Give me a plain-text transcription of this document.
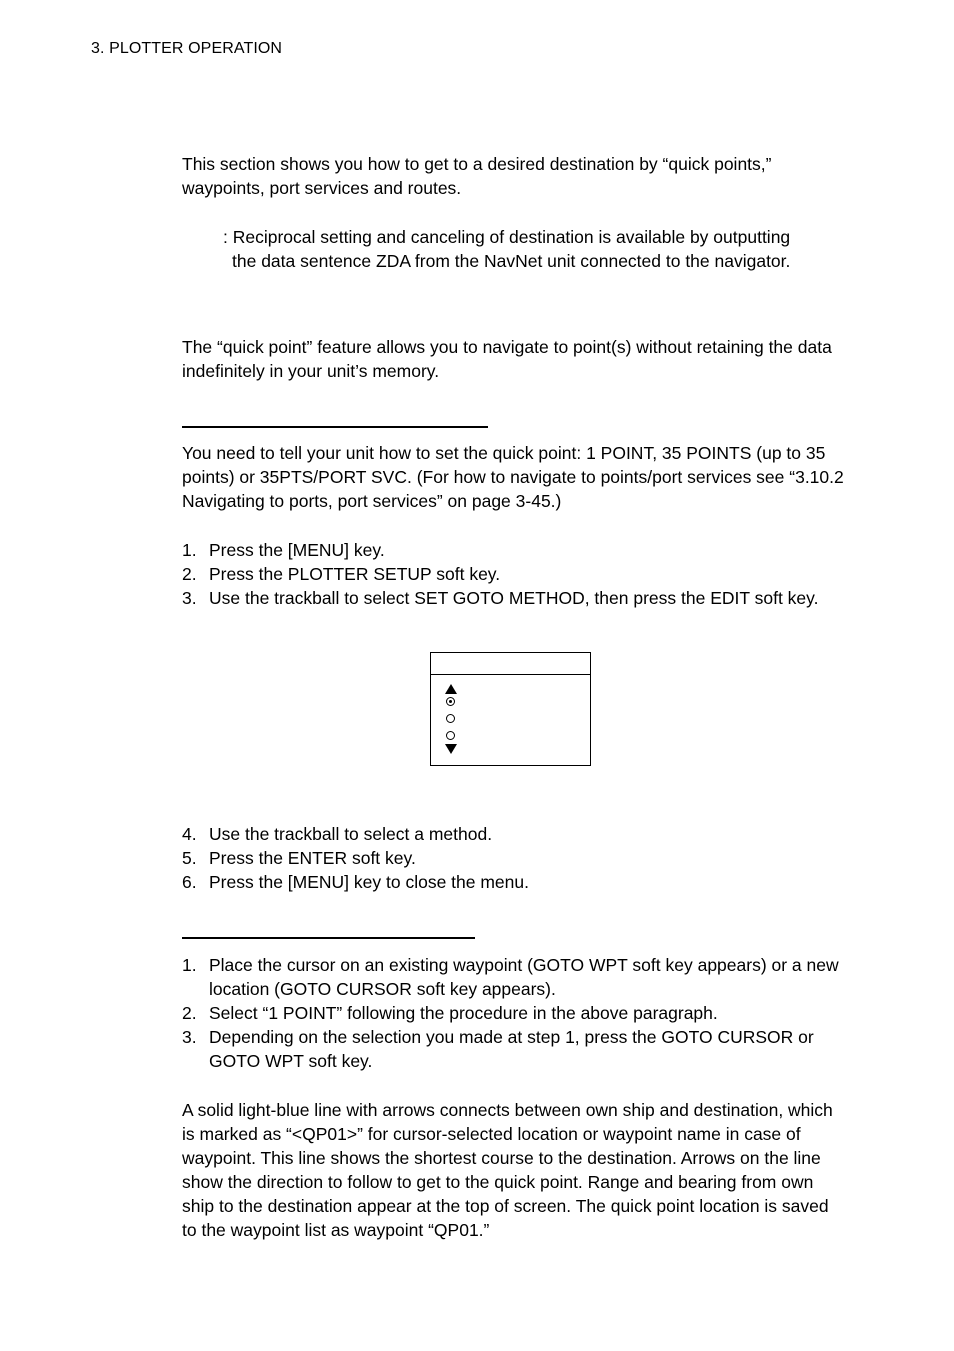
3. PLOTTER OPERATION

This section shows you how to get to a desired destination by “quick points,” waypoints, port services and routes.

: Reciprocal setting and canceling of destination is available by outputting
the data sentence ZDA from the NavNet unit connected to the navigator.

The “quick point” feature allows you to navigate to point(s) without retaining the data indefinitely in your unit’s memory.

You need to tell your unit how to set the quick point: 1 POINT, 35 POINTS (up to 35 points) or 35PTS/PORT SVC. (For how to navigate to points/port services see “3.10.2 Navigating to ports, port services” on page 3-45.)

1. Press the [MENU] key.
2. Press the PLOTTER SETUP soft key.
3. Use the trackball to select SET GOTO METHOD, then press the EDIT soft key.
4. Use the trackball to select a method.
5. Press the ENTER soft key.
6. Press the [MENU] key to close the menu.
1. Place the cursor on an existing waypoint (GOTO WPT soft key appears) or a new location (GOTO CURSOR soft key appears).
2. Select “1 POINT” following the procedure in the above paragraph.
3. Depending on the selection you made at step 1, press the GOTO CURSOR or GOTO WPT soft key.

A solid light-blue line with arrows connects between own ship and destination, which is marked as “<QP01>” for cursor-selected location or waypoint name in case of waypoint. This line shows the shortest course to the destination. Arrows on the line show the direction to follow to get to the quick point. Range and bearing from own ship to the destination appear at the top of screen. The quick point location is saved to the waypoint list as waypoint “QP01.”
